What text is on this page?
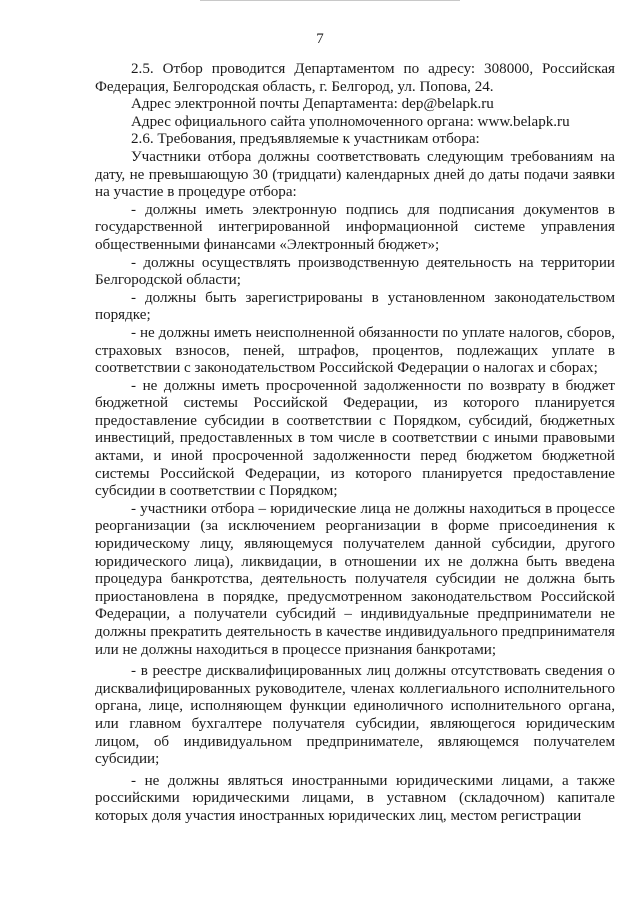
7

2.5. Отбор проводится Департаментом по адресу: 308000, Российская Федерация, Белгородская область, г. Белгород, ул. Попова, 24.

Адрес электронной почты Департамента: dep@belapk.ru

Адрес официального сайта уполномоченного органа: www.belapk.ru

2.6. Требования, предъявляемые к участникам отбора:

Участники отбора должны соответствовать следующим требованиям на дату, не превышающую 30 (тридцати) календарных дней до даты подачи заявки на участие в процедуре отбора:

- должны иметь электронную подпись для подписания документов в государственной интегрированной информационной системе управления общественными финансами «Электронный бюджет»;

- должны осуществлять производственную деятельность на территории Белгородской области;

- должны быть зарегистрированы в установленном законодательством порядке;

- не должны иметь неисполненной обязанности по уплате налогов, сборов, страховых взносов, пеней, штрафов, процентов, подлежащих уплате в соответствии с законодательством Российской Федерации о налогах и сборах;

- не должны иметь просроченной задолженности по возврату в бюджет бюджетной системы Российской Федерации, из которого планируется предоставление субсидии в соответствии с Порядком, субсидий, бюджетных инвестиций, предоставленных в том числе в соответствии с иными правовыми актами, и иной просроченной задолженности перед бюджетом бюджетной системы Российской Федерации, из которого планируется предоставление субсидии в соответствии с Порядком;

- участники отбора – юридические лица не должны находиться в процессе реорганизации (за исключением реорганизации в форме присоединения к юридическому лицу, являющемуся получателем данной субсидии, другого юридического лица), ликвидации, в отношении их не должна быть введена процедура банкротства, деятельность получателя субсидии не должна быть приостановлена в порядке, предусмотренном законодательством Российской Федерации, а получатели субсидий – индивидуальные предприниматели не должны прекратить деятельность в качестве индивидуального предпринимателя или не должны находиться в процессе признания банкротами;

- в реестре дисквалифицированных лиц должны отсутствовать сведения о дисквалифицированных руководителе, членах коллегиального исполнительного органа, лице, исполняющем функции единоличного исполнительного органа, или главном бухгалтере получателя субсидии, являющегося юридическим лицом, об индивидуальном предпринимателе, являющемся получателем субсидии;

- не должны являться иностранными юридическими лицами, а также российскими юридическими лицами, в уставном (складочном) капитале которых доля участия иностранных юридических лиц, местом регистрации
